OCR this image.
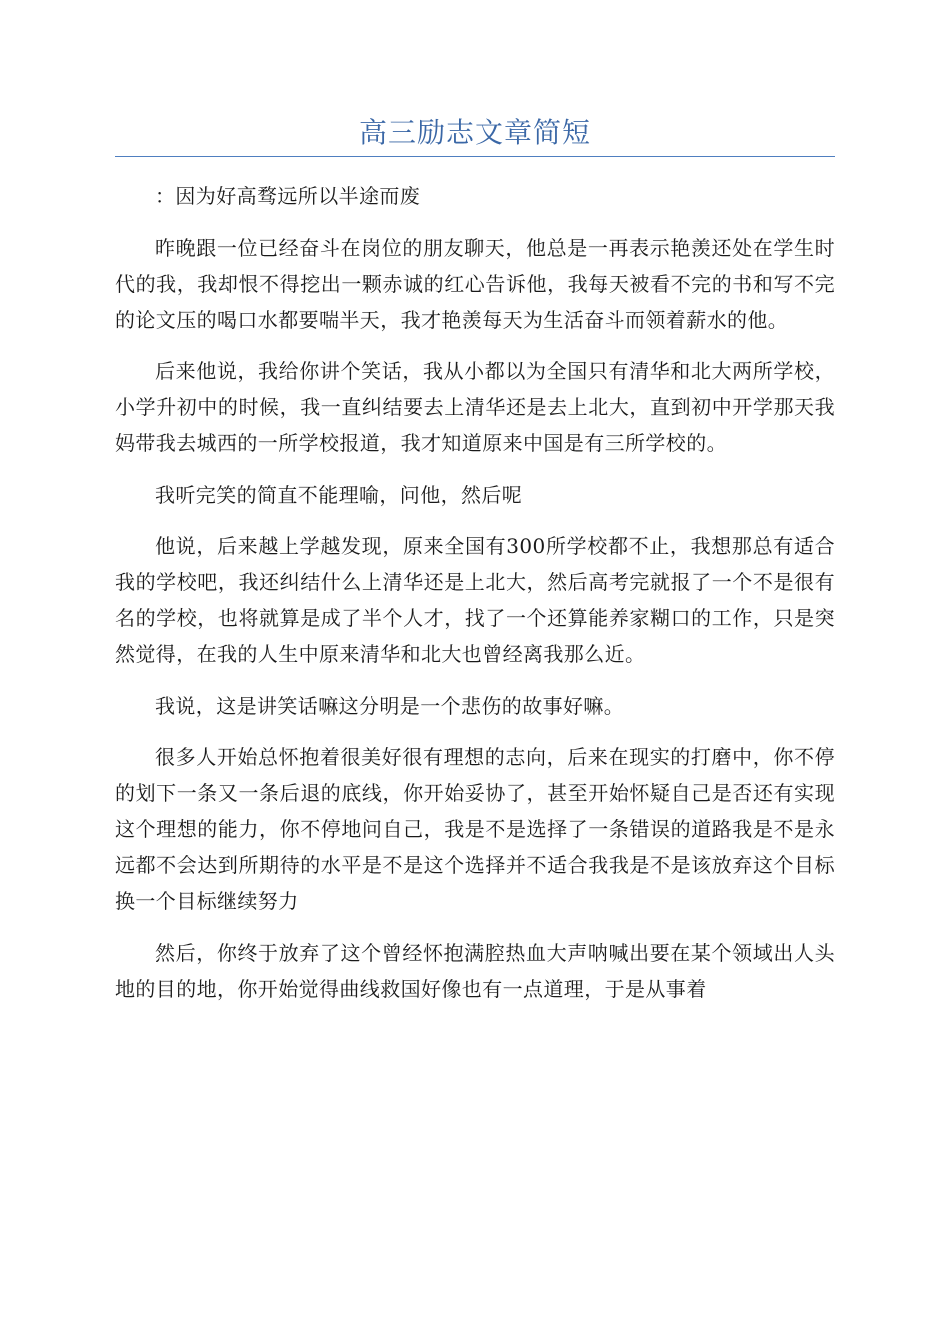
高三励志文章简短

：因为好高骛远所以半途而废

昨晚跟一位已经奋斗在岗位的朋友聊天，他总是一再表示艳羡还处在学生时代的我，我却恨不得挖出一颗赤诚的红心告诉他，我每天被看不完的书和写不完的论文压的喝口水都要喘半天，我才艳羡每天为生活奋斗而领着薪水的他。

后来他说，我给你讲个笑话，我从小都以为全国只有清华和北大两所学校，小学升初中的时候，我一直纠结要去上清华还是去上北大，直到初中开学那天我妈带我去城西的一所学校报道，我才知道原来中国是有三所学校的。

我听完笑的简直不能理喻，问他，然后呢

他说，后来越上学越发现，原来全国有300所学校都不止，我想那总有适合我的学校吧，我还纠结什么上清华还是上北大，然后高考完就报了一个不是很有名的学校，也将就算是成了半个人才，找了一个还算能养家糊口的工作，只是突然觉得，在我的人生中原来清华和北大也曾经离我那么近。

我说，这是讲笑话嘛这分明是一个悲伤的故事好嘛。

很多人开始总怀抱着很美好很有理想的志向，后来在现实的打磨中，你不停的划下一条又一条后退的底线，你开始妥协了，甚至开始怀疑自己是否还有实现这个理想的能力，你不停地问自己，我是不是选择了一条错误的道路我是不是永远都不会达到所期待的水平是不是这个选择并不适合我我是不是该放弃这个目标换一个目标继续努力

然后，你终于放弃了这个曾经怀抱满腔热血大声呐喊出要在某个领域出人头地的目的地，你开始觉得曲线救国好像也有一点道理，于是从事着
